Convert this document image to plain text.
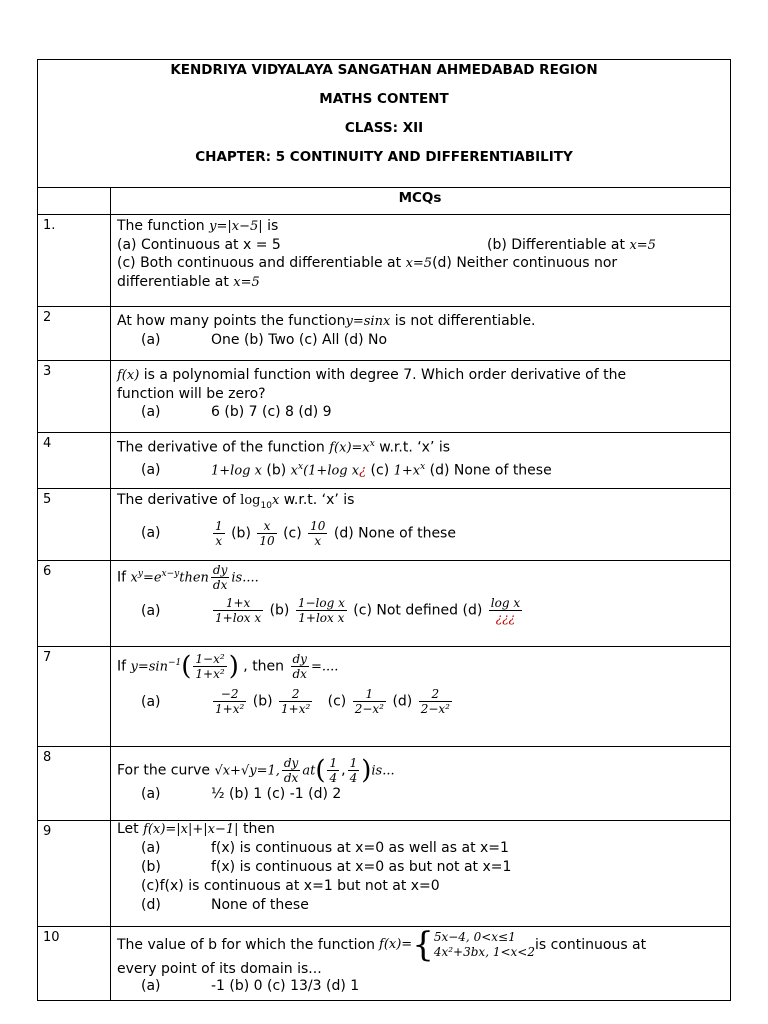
KENDRIYA VIDYALAYA SANGATHAN AHMEDABAD REGION
MATHS CONTENT
CLASS: XII
CHAPTER: 5 CONTINUITY AND DIFFERENTIABILITY
MCQs
1.	The function y=|x−5| is
(a) Continuous at x = 5	(b) Differentiable at x=5
(c) Both continuous and differentiable at x=5(d) Neither continuous nor
differentiable at x=5
2	At how many points the functiony=sinx is not differentiable.
(a)	One (b) Two (c) All (d) No
3	f(x) is a polynomial function with degree 7. Which order derivative of the
function will be zero?
(a)	6 (b) 7 (c) 8 (d) 9
4	The derivative of the function $f(x)=x^x$ w.r.t. ‘x’ is
(a)	1+log x (b) $x^x(1+\log$ x¿ (c) $1+x^x$ (d) None of these
5	The derivative of $\log_{10}x$ w.r.t. ‘x’ is
(a)	$\frac{1}{x} (b) \frac{x}{10} (c) \frac{10}{x} (d)$ None of these
6	If $x^y=e^{x-y}then \frac{dy}{dx}$ is....
(a)	$\frac{1+x}{\text{1+lox x}} (b) \frac{\text{1−log x}}{\text{1+lox x}} (c)$ Not defined $(d) \frac{\text{log x}}{¿¿¿}$
7
If $y=\sin^{-1}( \frac{\text{1−x²}}{\text{1+x²}}$ ) , then $\frac{dy}{dx}$ =....
(a)	$\frac{-2}{\text{1+x²}} (b) \frac{2}{\text{1+x²}} (c) \frac{1}{\text{2−x²}} (d) \frac{2}{\text{2−x²}}$
8
For the curve √x+√y=1, $\frac{dy}{dx} at( \frac{1}{4}$ , $\frac{1}{4} )is$...
(a)	½ (b) 1 (c) -1 (d) 2
9	Let f(x)=|x|+|x−1| then
(a)	f(x) is continuous at x=0 as well as at x=1
(b)	f(x) is continuous at x=0 as but not at x=1
(c)f(x) is continuous at x=1 but not at x=0
(d)	None of these
10	The value of b for which the function f(x)= { 5x−4, 0<x≤1
4x²+3bx, 1<x<2 is continuous at
every point of its domain is...
(a)	-1 (b) 0 (c) 13/3 (d) 1
